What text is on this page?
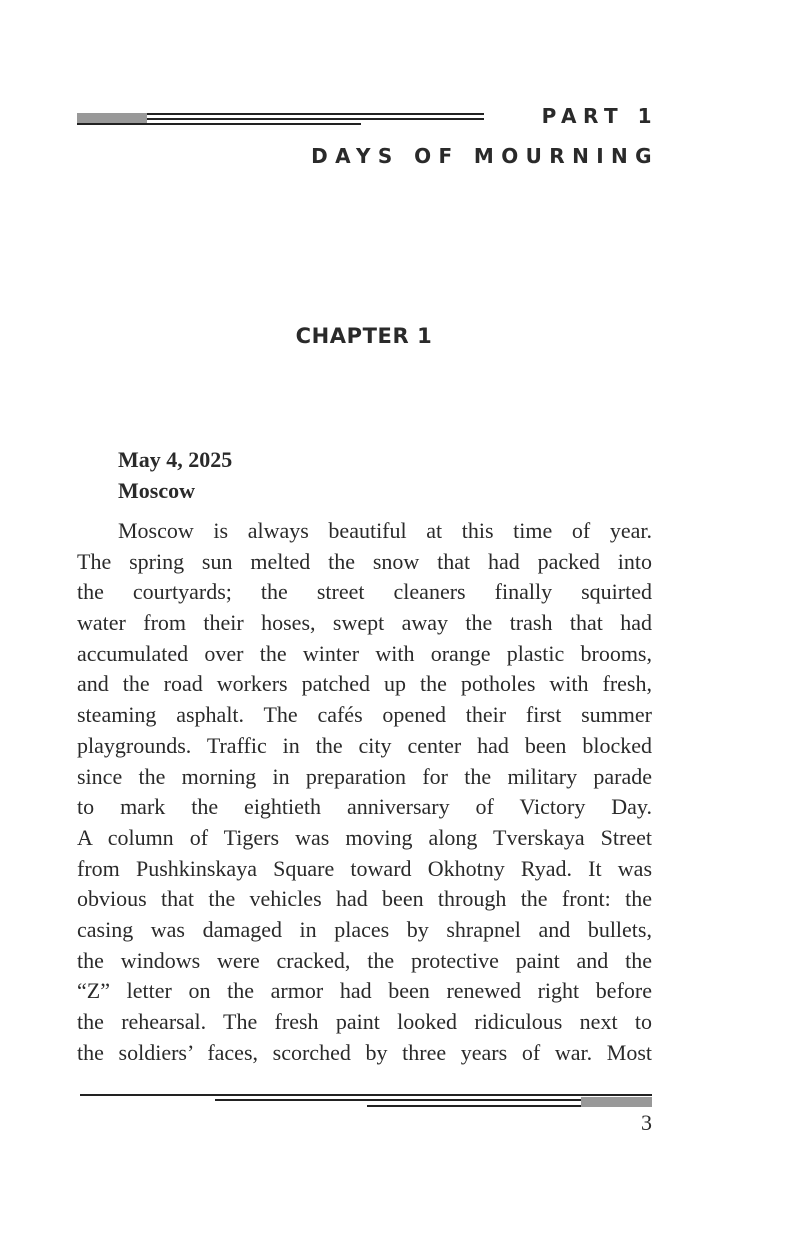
PART 1
DAYS OF MOURNING
CHAPTER 1
May 4, 2025
Moscow
Moscow is always beautiful at this time of year.
The spring sun melted the snow that had packed into
the courtyards; the street cleaners finally squirted
water from their hoses, swept away the trash that had
accumulated over the winter with orange plastic brooms,
and the road workers patched up the potholes with fresh,
steaming asphalt. The cafés opened their first summer
playgrounds. Traffic in the city center had been blocked
since the morning in preparation for the military parade
to mark the eightieth anniversary of Victory Day.
A column of Tigers was moving along Tverskaya Street
from Pushkinskaya Square toward Okhotny Ryad. It was
obvious that the vehicles had been through the front: the
casing was damaged in places by shrapnel and bullets,
the windows were cracked, the protective paint and the
“Z” letter on the armor had been renewed right before
the rehearsal. The fresh paint looked ridiculous next to
the soldiers’ faces, scorched by three years of war. Most
3
